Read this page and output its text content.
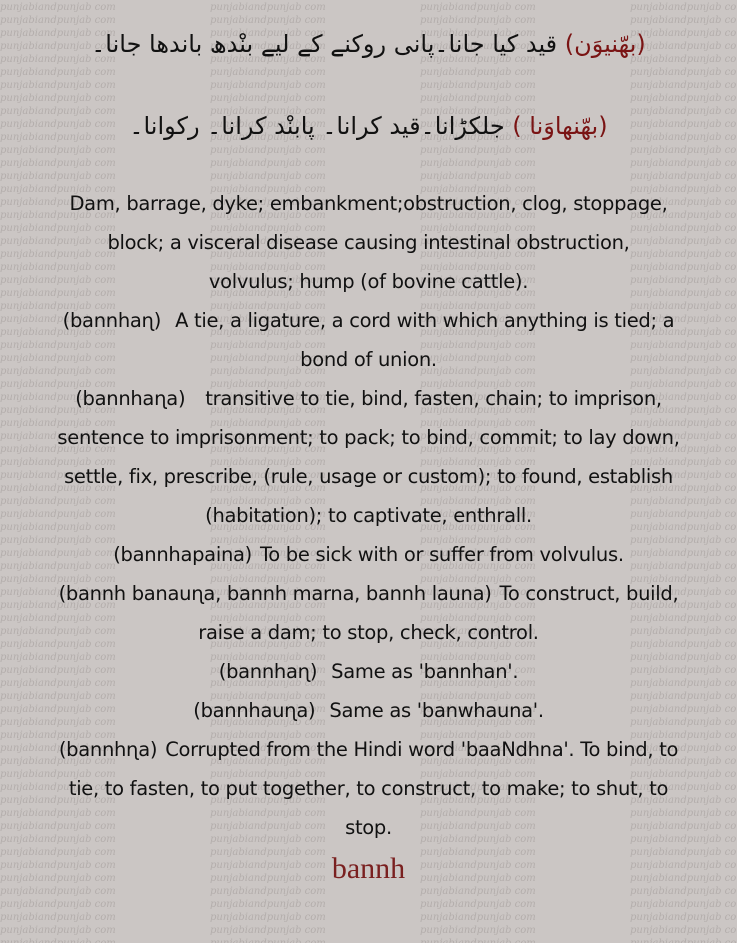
(بھّنیوَن) قید کیا جانا۔پانی روکنے کے لیے بنْدھ باندھا جانا۔
(بھّنھاوَنا ) جلکڑانا۔قید کرانا۔ پابنْد کرانا۔ رکوانا۔
Dam, barrage, dyke; embankment;obstruction, clog, stoppage,
block; a visceral disease causing intestinal obstruction,
volvulus; hump (of bovine cattle).
(bannhaɳ) A tie, a ligature, a cord with which anything is tied; a
bond of union.
(bannhaɳa) transitive to tie, bind, fasten, chain; to imprison,
sentence to imprisonment; to pack; to bind, commit; to lay down,
settle, fix, prescribe, (rule, usage or custom); to found, establish
(habitation); to captivate, enthrall.
(bannhapaina) To be sick with or suffer from volvulus.
(bannh banauɳa, bannh marna, bannh launa) To construct, build,
raise a dam; to stop, check, control.
(bannhaɳ) Same as 'bannhan'.
(bannhauɳa) Same as 'banwhauna'.
(bannhɳa) Corrupted from the Hindi word 'baaNdhna'. To bind, to
tie, to fasten, to put together, to construct, to make; to shut, to
stop.
bannh
